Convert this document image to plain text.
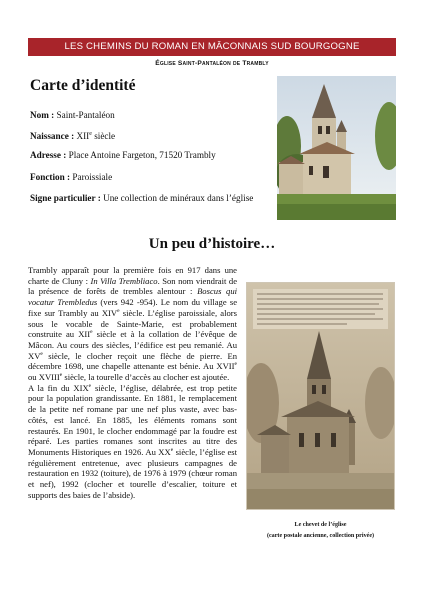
LES CHEMINS DU ROMAN EN MÂCONNAIS SUD BOURGOGNE
Église Saint-Pantaléon de Trambly
Carte d’identité
Nom : Saint-Pantaléon
Naissance : XIIe siècle
Adresse : Place Antoine Fargeton, 71520 Trambly
Fonction : Paroissiale
Signe particulier : Une collection de minéraux dans l’église
Un peu d’histoire…

Trambly apparaît pour la première fois en 917 dans une charte de Cluny : In Villa Trembliaco. Son nom viendrait de la présence de forêts de trembles alentour : Boscus qui vocatur Trembledus (vers 942 -954). Le nom du village se fixe sur Trambly au XIVe siècle. L’église paroissiale, alors sous le vocable de Sainte-Marie, est probablement construite au XIIe siècle et à la collation de l’évêque de Mâcon. Au cours des siècles, l’édifice est peu remanié. Au XVe siècle, le clocher reçoit une flèche de pierre. En décembre 1698, une chapelle attenante est bénie. Au XVIIe ou XVIIIe siècle, la tourelle d’accès au clocher est ajoutée.

A la fin du XIXe siècle, l’église, délabrée, est trop petite pour la population grandissante. En 1881, le remplacement de la petite nef romane par une nef plus vaste, avec bas-côtés, est lancé. En 1885, les éléments romans sont restaurés. En 1901, le clocher endommagé par la foudre est réparé. Les parties romanes sont inscrites au titre des Monuments Historiques en 1926. Au XXe siècle, l’église est régulièrement entretenue, avec plusieurs campagnes de restauration en 1932 (toiture), de 1976 à 1979 (chœur roman et nef), 1992 (clocher et tourelle d’escalier, toiture et supports des baies de l’abside).

Le chevet de l’église
(carte postale ancienne, collection privée)
